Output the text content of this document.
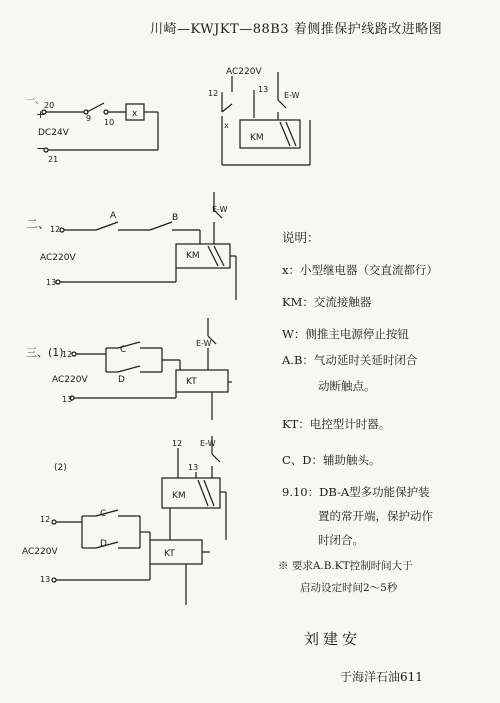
川崎—KWJKT—88B3 着侧推保护线路改进略图
一、
+
20
DC24V
−
21
9 10
x
AC220V
12	13
E-W
x
KM
二、 12
AC220V
13
A	B
E-W
KM
三、(1)
12
AC220V
13
C
D
E-W
KT
(2)
12
13
E-W
KM
12
AC220V
13
C
D
KT
说明：
x：小型继电器（交直流都行）
KM：交流接触器
W：侧推主电源停止按钮
A.B：气动延时关延时闭合
动断触点。
KT：电控型计时器。
C、D：辅助触头。
9.10：DB-A型多功能保护装
置的常开端，保护动作
时闭合。
※ 要求A.B.KT控制时间大于
启动设定时间2～5秒
刘建安
于海洋石油611
